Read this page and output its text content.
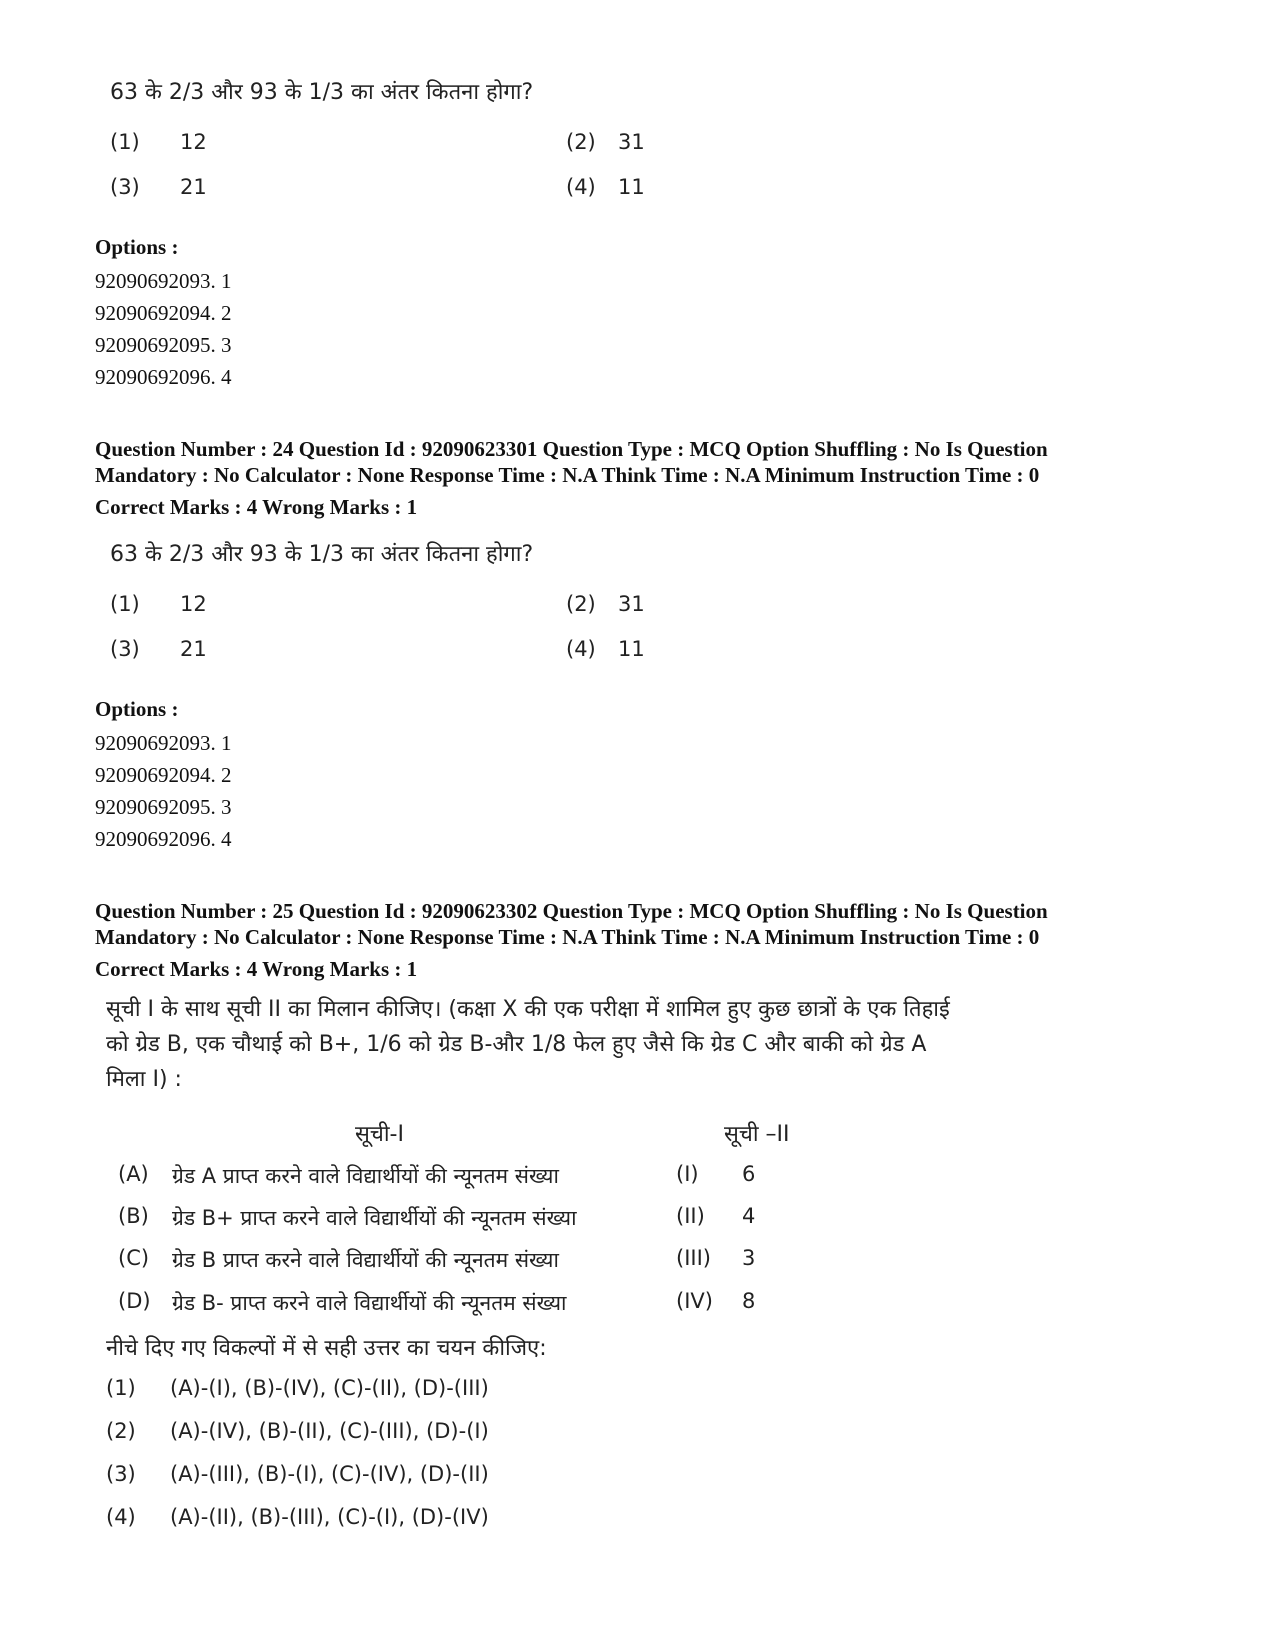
63 के 2/3 और 93 के 1/3 का अंतर कितना होगा?
(1) 12	(2) 31
(3) 21	(4) 11
Options :
92090692093. 1
92090692094. 2
92090692095. 3
92090692096. 4
Question Number : 24 Question Id : 92090623301 Question Type : MCQ Option Shuffling : No Is Question
Mandatory : No Calculator : None Response Time : N.A Think Time : N.A Minimum Instruction Time : 0
Correct Marks : 4 Wrong Marks : 1
63 के 2/3 और 93 के 1/3 का अंतर कितना होगा?
(1) 12	(2) 31
(3) 21	(4) 11
Options :
92090692093. 1
92090692094. 2
92090692095. 3
92090692096. 4
Question Number : 25 Question Id : 92090623302 Question Type : MCQ Option Shuffling : No Is Question
Mandatory : No Calculator : None Response Time : N.A Think Time : N.A Minimum Instruction Time : 0
Correct Marks : 4 Wrong Marks : 1
सूची I के साथ सूची II का मिलान कीजिए। (कक्षा X की एक परीक्षा में शामिल हुए कुछ छात्रों के एक तिहाई
को ग्रेड B, एक चौथाई को B+, 1/6 को ग्रेड B-और 1/8 फेल हुए जैसे कि ग्रेड C और बाकी को ग्रेड A
मिला I) :
सूची-I	सूची –II
(A) ग्रेड A प्राप्त करने वाले विद्यार्थीयों की न्यूनतम संख्या	(I) 6
(B) ग्रेड B+ प्राप्त करने वाले विद्यार्थीयों की न्यूनतम संख्या	(II) 4
(C) ग्रेड B प्राप्त करने वाले विद्यार्थीयों की न्यूनतम संख्या	(III) 3
(D) ग्रेड B- प्राप्त करने वाले विद्यार्थीयों की न्यूनतम संख्या	(IV) 8
नीचे दिए गए विकल्पों में से सही उत्तर का चयन कीजिए:
(1) (A)-(I), (B)-(IV), (C)-(II), (D)-(III)
(2) (A)-(IV), (B)-(II), (C)-(III), (D)-(I)
(3) (A)-(III), (B)-(I), (C)-(IV), (D)-(II)
(4) (A)-(II), (B)-(III), (C)-(I), (D)-(IV)
